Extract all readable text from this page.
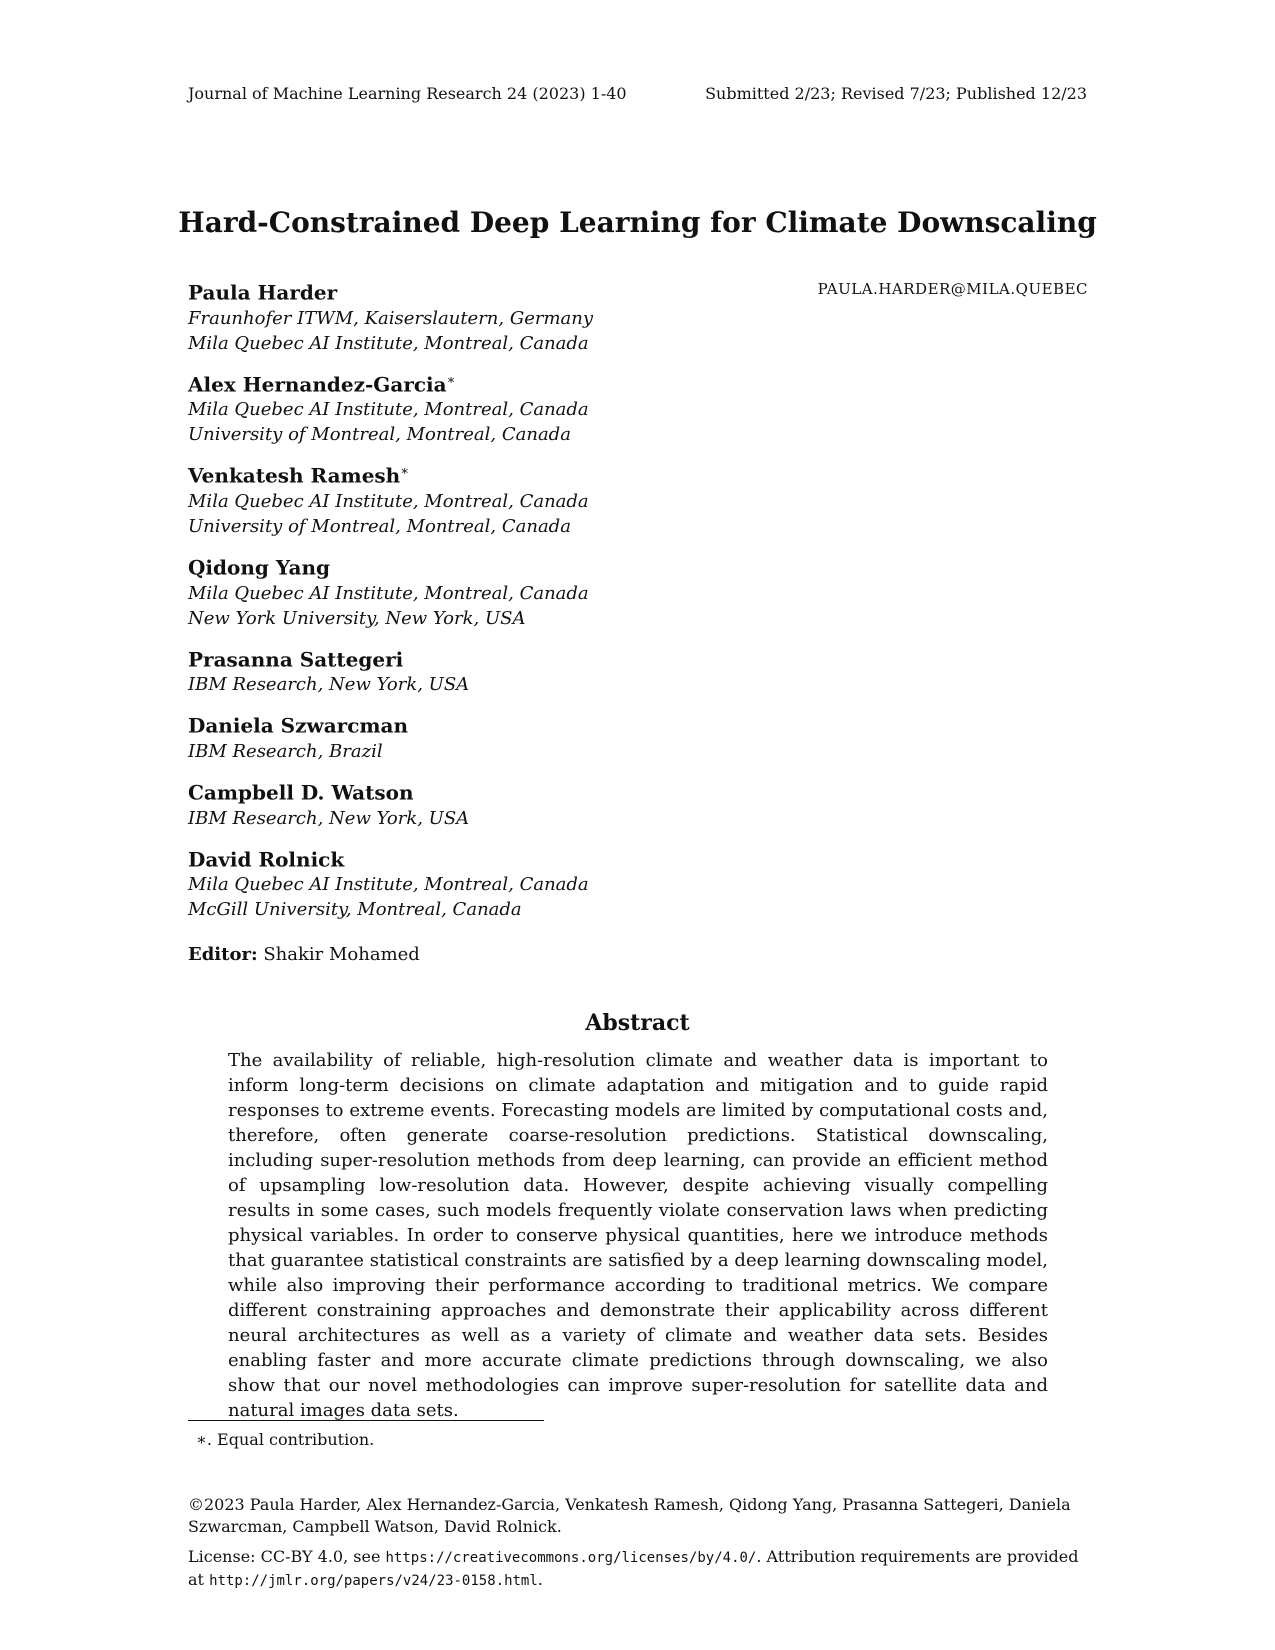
Journal of Machine Learning Research 24 (2023) 1-40	Submitted 2/23; Revised 7/23; Published 12/23
Hard-Constrained Deep Learning for Climate Downscaling
Paula Harder	PAULA.HARDER@MILA.QUEBEC
Fraunhofer ITWM, Kaiserslautern, Germany
Mila Quebec AI Institute, Montreal, Canada
Alex Hernandez-Garcia∗
Mila Quebec AI Institute, Montreal, Canada
University of Montreal, Montreal, Canada
Venkatesh Ramesh∗
Mila Quebec AI Institute, Montreal, Canada
University of Montreal, Montreal, Canada
Qidong Yang
Mila Quebec AI Institute, Montreal, Canada
New York University, New York, USA
Prasanna Sattegeri
IBM Research, New York, USA
Daniela Szwarcman
IBM Research, Brazil
Campbell D. Watson
IBM Research, New York, USA
David Rolnick
Mila Quebec AI Institute, Montreal, Canada
McGill University, Montreal, Canada
Editor: Shakir Mohamed
Abstract
The availability of reliable, high-resolution climate and weather data is important to inform long-term decisions on climate adaptation and mitigation and to guide rapid responses to extreme events. Forecasting models are limited by computational costs and, therefore, often generate coarse-resolution predictions. Statistical downscaling, including super-resolution methods from deep learning, can provide an efficient method of upsampling low-resolution data. However, despite achieving visually compelling results in some cases, such models frequently violate conservation laws when predicting physical variables. In order to conserve physical quantities, here we introduce methods that guarantee statistical constraints are satisfied by a deep learning downscaling model, while also improving their performance according to traditional metrics. We compare different constraining approaches and demonstrate their applicability across different neural architectures as well as a variety of climate and weather data sets. Besides enabling faster and more accurate climate predictions through downscaling, we also show that our novel methodologies can improve super-resolution for satellite data and natural images data sets.
∗. Equal contribution.
©2023 Paula Harder, Alex Hernandez-Garcia, Venkatesh Ramesh, Qidong Yang, Prasanna Sattegeri, Daniela Szwarcman, Campbell Watson, David Rolnick.
License: CC-BY 4.0, see https://creativecommons.org/licenses/by/4.0/. Attribution requirements are provided at http://jmlr.org/papers/v24/23-0158.html.
